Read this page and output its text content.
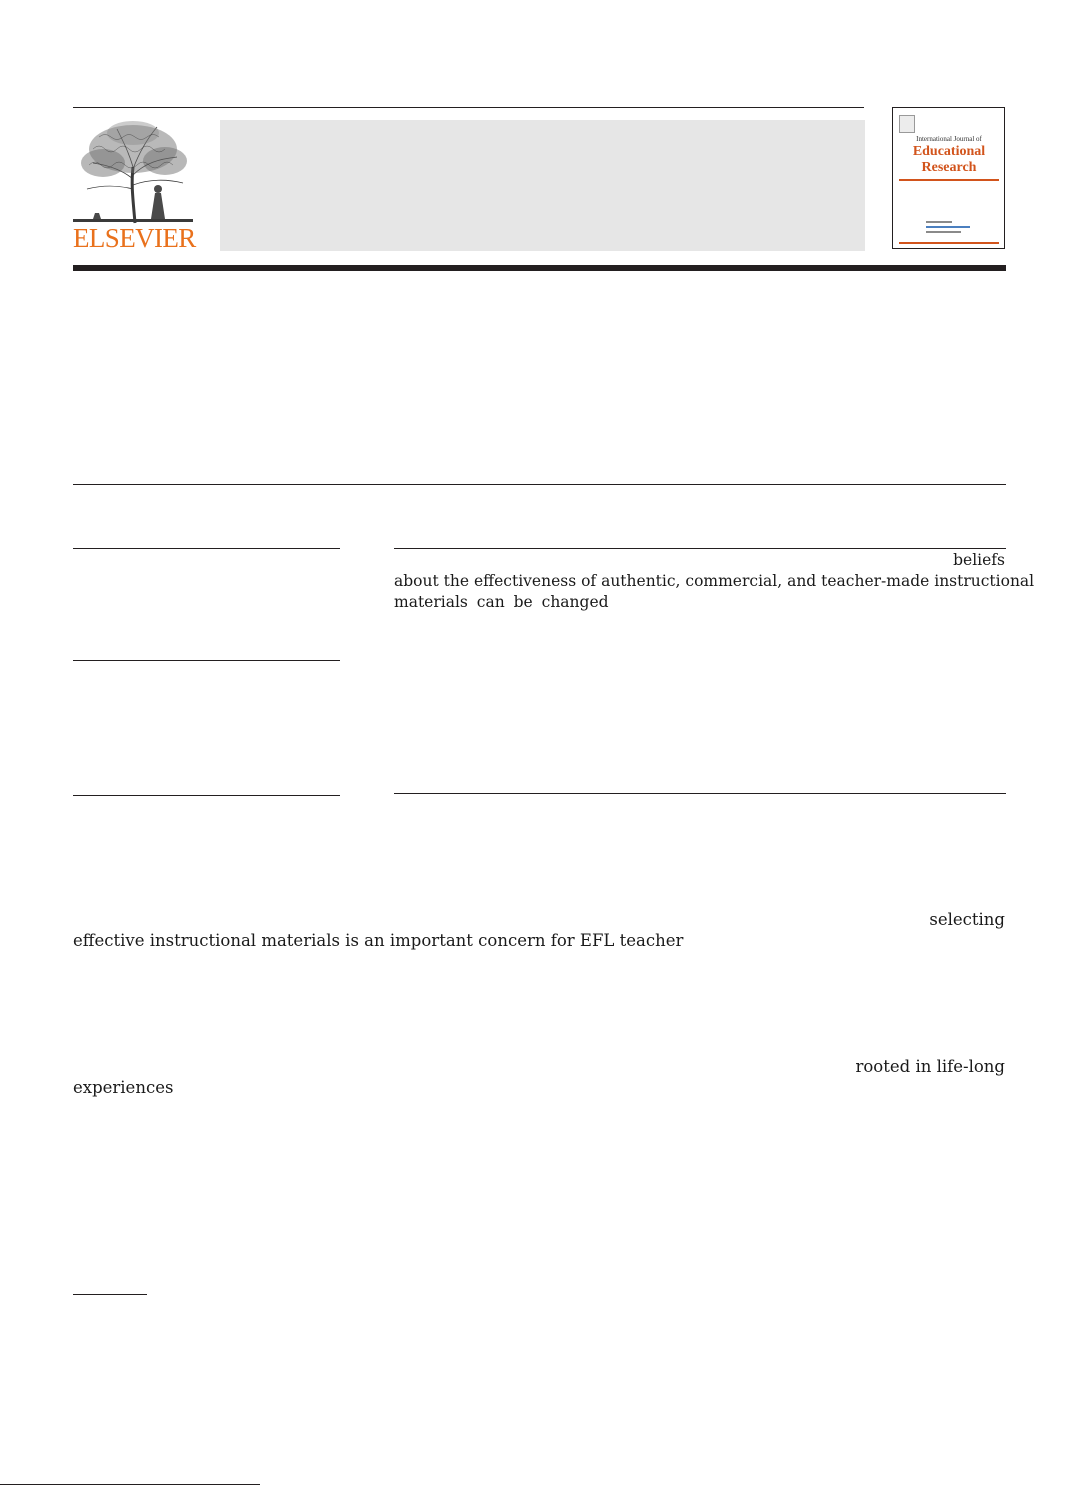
ELSEVIER
International Journal of
Educational
Research
beliefs
about the effectiveness of authentic, commercial, and teacher-made instructional
materials can be changed
selecting
effective instructional materials is an important concern for EFL teacher
rooted in life-long
experiences
